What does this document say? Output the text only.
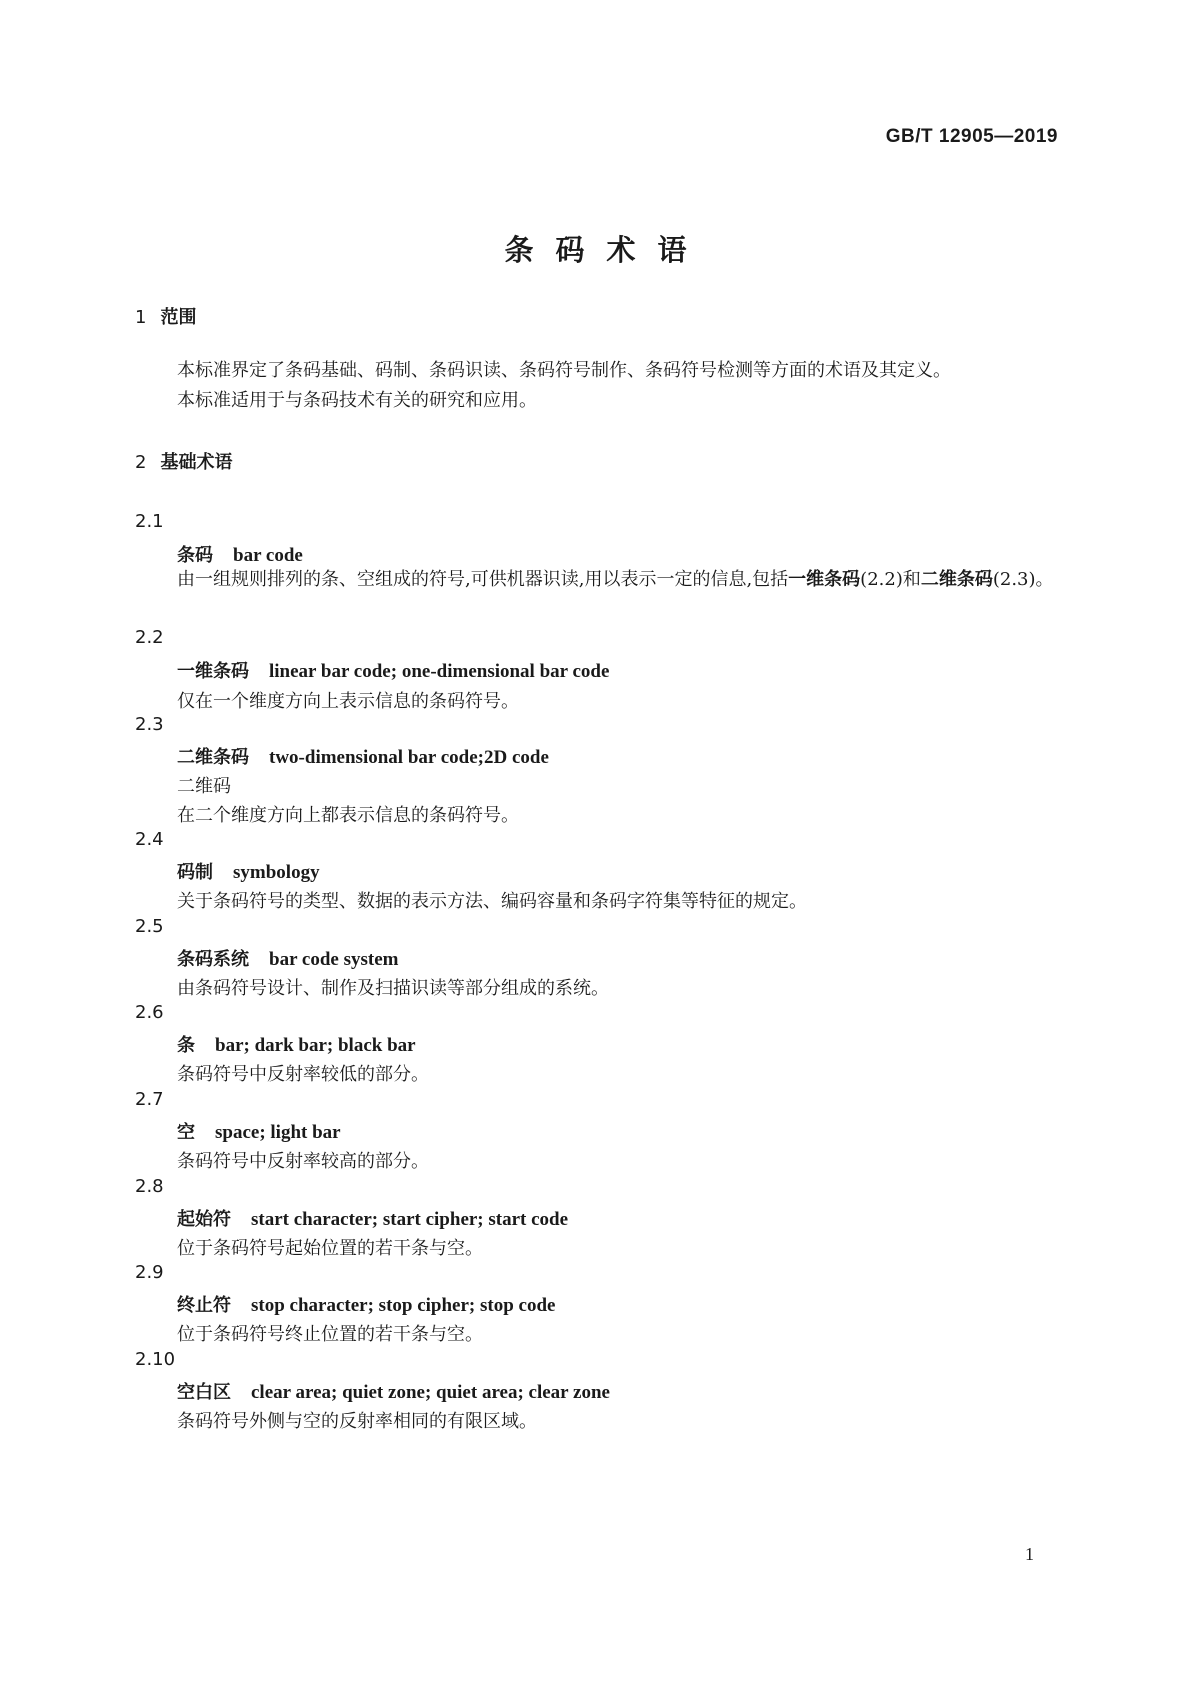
GB/T 12905—2019
条码术语
1 范围
本标准界定了条码基础、码制、条码识读、条码符号制作、条码符号检测等方面的术语及其定义。
本标准适用于与条码技术有关的研究和应用。
2 基础术语
2.1
条码 bar code
由一组规则排列的条、空组成的符号,可供机器识读,用以表示一定的信息,包括一维条码(2.2)和二维条码(2.3)。
2.2
一维条码 linear bar code; one-dimensional bar code
仅在一个维度方向上表示信息的条码符号。
2.3
二维条码 two-dimensional bar code;2D code
二维码
在二个维度方向上都表示信息的条码符号。
2.4
码制 symbology
关于条码符号的类型、数据的表示方法、编码容量和条码字符集等特征的规定。
2.5
条码系统 bar code system
由条码符号设计、制作及扫描识读等部分组成的系统。
2.6
条 bar; dark bar; black bar
条码符号中反射率较低的部分。
2.7
空 space; light bar
条码符号中反射率较高的部分。
2.8
起始符 start character; start cipher; start code
位于条码符号起始位置的若干条与空。
2.9
终止符 stop character; stop cipher; stop code
位于条码符号终止位置的若干条与空。
2.10
空白区 clear area; quiet zone; quiet area; clear zone
条码符号外侧与空的反射率相同的有限区域。
1
